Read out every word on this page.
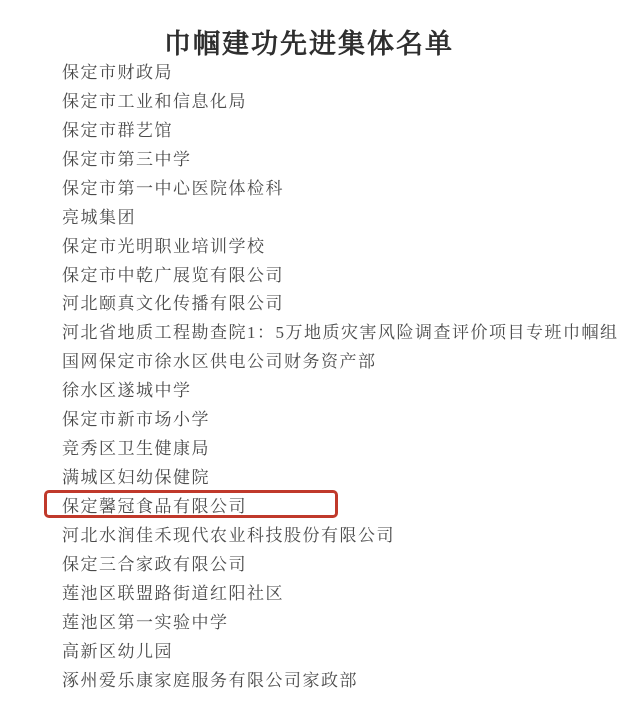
巾帼建功先进集体名单
保定市财政局
保定市工业和信息化局
保定市群艺馆
保定市第三中学
保定市第一中心医院体检科
亮城集团
保定市光明职业培训学校
保定市中乾广展览有限公司
河北颐真文化传播有限公司
河北省地质工程勘查院1：5万地质灾害风险调查评价项目专班巾帼组
国网保定市徐水区供电公司财务资产部
徐水区遂城中学
保定市新市场小学
竞秀区卫生健康局
满城区妇幼保健院
保定馨冠食品有限公司
河北水润佳禾现代农业科技股份有限公司
保定三合家政有限公司
莲池区联盟路街道红阳社区
莲池区第一实验中学
高新区幼儿园
涿州爱乐康家庭服务有限公司家政部
